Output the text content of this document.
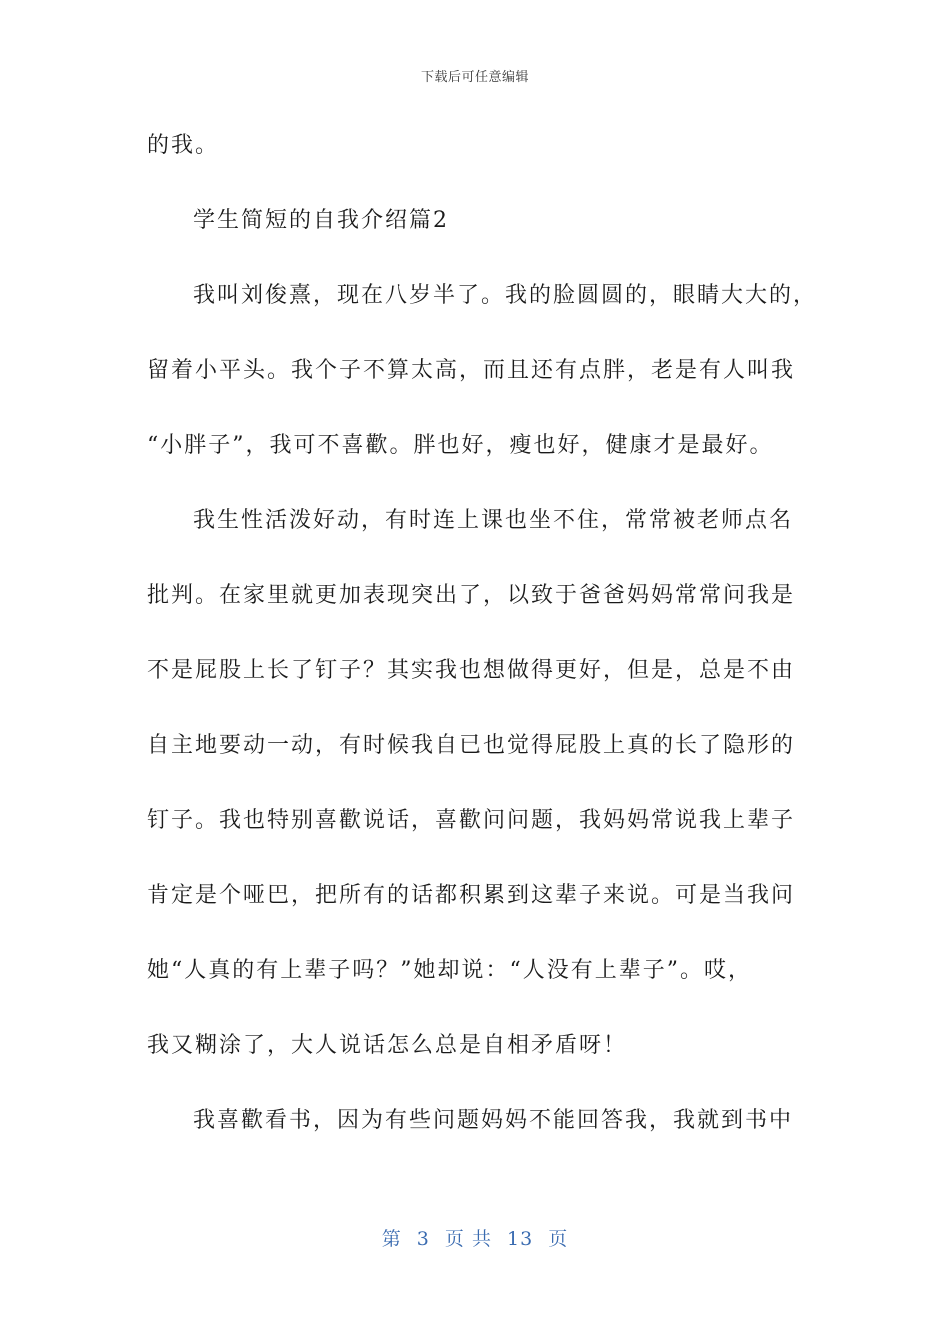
下载后可任意编辑
的我。
学生简短的自我介绍篇2
我叫刘俊熹，现在八岁半了。我的脸圆圆的，眼睛大大的，
留着小平头。我个子不算太高，而且还有点胖，老是有人叫我
“小胖子”，我可不喜歡。胖也好，瘦也好，健康才是最好。
我生性活泼好动，有时连上课也坐不住，常常被老师点名
批判。在家里就更加表现突出了，以致于爸爸妈妈常常问我是
不是屁股上长了钉子？其实我也想做得更好，但是，总是不由
自主地要动一动，有时候我自已也觉得屁股上真的长了隐形的
钉子。我也特别喜歡说话，喜歡问问题，我妈妈常说我上辈子
肯定是个哑巴，把所有的话都积累到这辈子来说。可是当我问
她“人真的有上辈子吗？”她却说：“人没有上辈子”。哎，
我又糊涂了，大人说话怎么总是自相矛盾呀！
我喜歡看书，因为有些问题妈妈不能回答我，我就到书中
第 3 页 共 13 页
